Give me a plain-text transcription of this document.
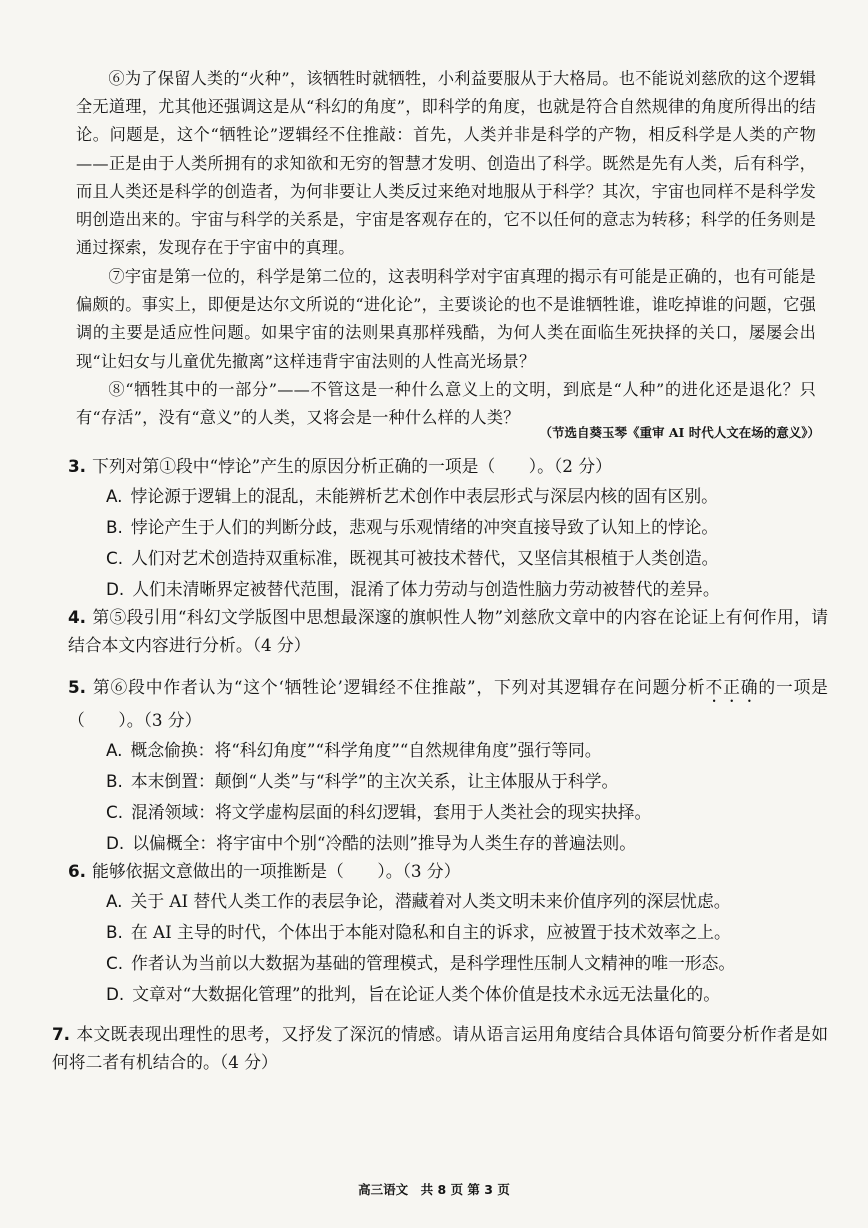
⑥为了保留人类的“火种”，该牺牲时就牺牲，小利益要服从于大格局。也不能说刘慈欣的这个逻辑全无道理，尤其他还强调这是从“科幻的角度”，即科学的角度，也就是符合自然规律的角度所得出的结论。问题是，这个“牺牲论”逻辑经不住推敲：首先，人类并非是科学的产物，相反科学是人类的产物——正是由于人类所拥有的求知欲和无穷的智慧才发明、创造出了科学。既然是先有人类，后有科学，而且人类还是科学的创造者，为何非要让人类反过来绝对地服从于科学？其次，宇宙也同样不是科学发明创造出来的。宇宙与科学的关系是，宇宙是客观存在的，它不以任何的意志为转移；科学的任务则是通过探索，发现存在于宇宙中的真理。

⑦宇宙是第一位的，科学是第二位的，这表明科学对宇宙真理的揭示有可能是正确的，也有可能是偏颇的。事实上，即便是达尔文所说的“进化论”，主要谈论的也不是谁牺牲谁，谁吃掉谁的问题，它强调的主要是适应性问题。如果宇宙的法则果真那样残酷，为何人类在面临生死抉择的关口，屡屡会出现“让妇女与儿童优先撤离”这样违背宇宙法则的人性高光场景？

⑧“牺牲其中的一部分”——不管这是一种什么意义上的文明，到底是“人种”的进化还是退化？只有“存活”，没有“意义”的人类，又将会是一种什么样的人类？

（节选自葵玉琴《重审 AI 时代人文在场的意义》）
3. 下列对第①段中“悖论”产生的原因分析正确的一项是（　　）。（2 分）
A. 悖论源于逻辑上的混乱，未能辨析艺术创作中表层形式与深层内核的固有区别。
B. 悖论产生于人们的判断分歧，悲观与乐观情绪的冲突直接导致了认知上的悖论。
C. 人们对艺术创造持双重标准，既视其可被技术替代，又坚信其根植于人类创造。
D. 人们未清晰界定被替代范围，混淆了体力劳动与创造性脑力劳动被替代的差异。
4. 第⑤段引用“科幻文学版图中思想最深邃的旗帜性人物”刘慈欣文章中的内容在论证上有何作用，请结合本文内容进行分析。（4 分）
5. 第⑥段中作者认为“这个‘牺牲论’逻辑经不住推敲”，下列对其逻辑存在问题分析不正确的一项是（　　）。（3 分）
A. 概念偷换：将“科幻角度”“科学角度”“自然规律角度”强行等同。
B. 本末倒置：颠倒“人类”与“科学”的主次关系，让主体服从于科学。
C. 混淆领域：将文学虚构层面的科幻逻辑，套用于人类社会的现实抉择。
D. 以偏概全：将宇宙中个别“冷酷的法则”推导为人类生存的普遍法则。
6. 能够依据文意做出的一项推断是（　　）。（3 分）
A. 关于 AI 替代人类工作的表层争论，潜藏着对人类文明未来价值序列的深层忧虑。
B. 在 AI 主导的时代，个体出于本能对隐私和自主的诉求，应被置于技术效率之上。
C. 作者认为当前以大数据为基础的管理模式，是科学理性压制人文精神的唯一形态。
D. 文章对“大数据化管理”的批判，旨在论证人类个体价值是技术永远无法量化的。
7. 本文既表现出理性的思考，又抒发了深沉的情感。请从语言运用角度结合具体语句简要分析作者是如何将二者有机结合的。（4 分）
高三语文　共 8 页 第 3 页
